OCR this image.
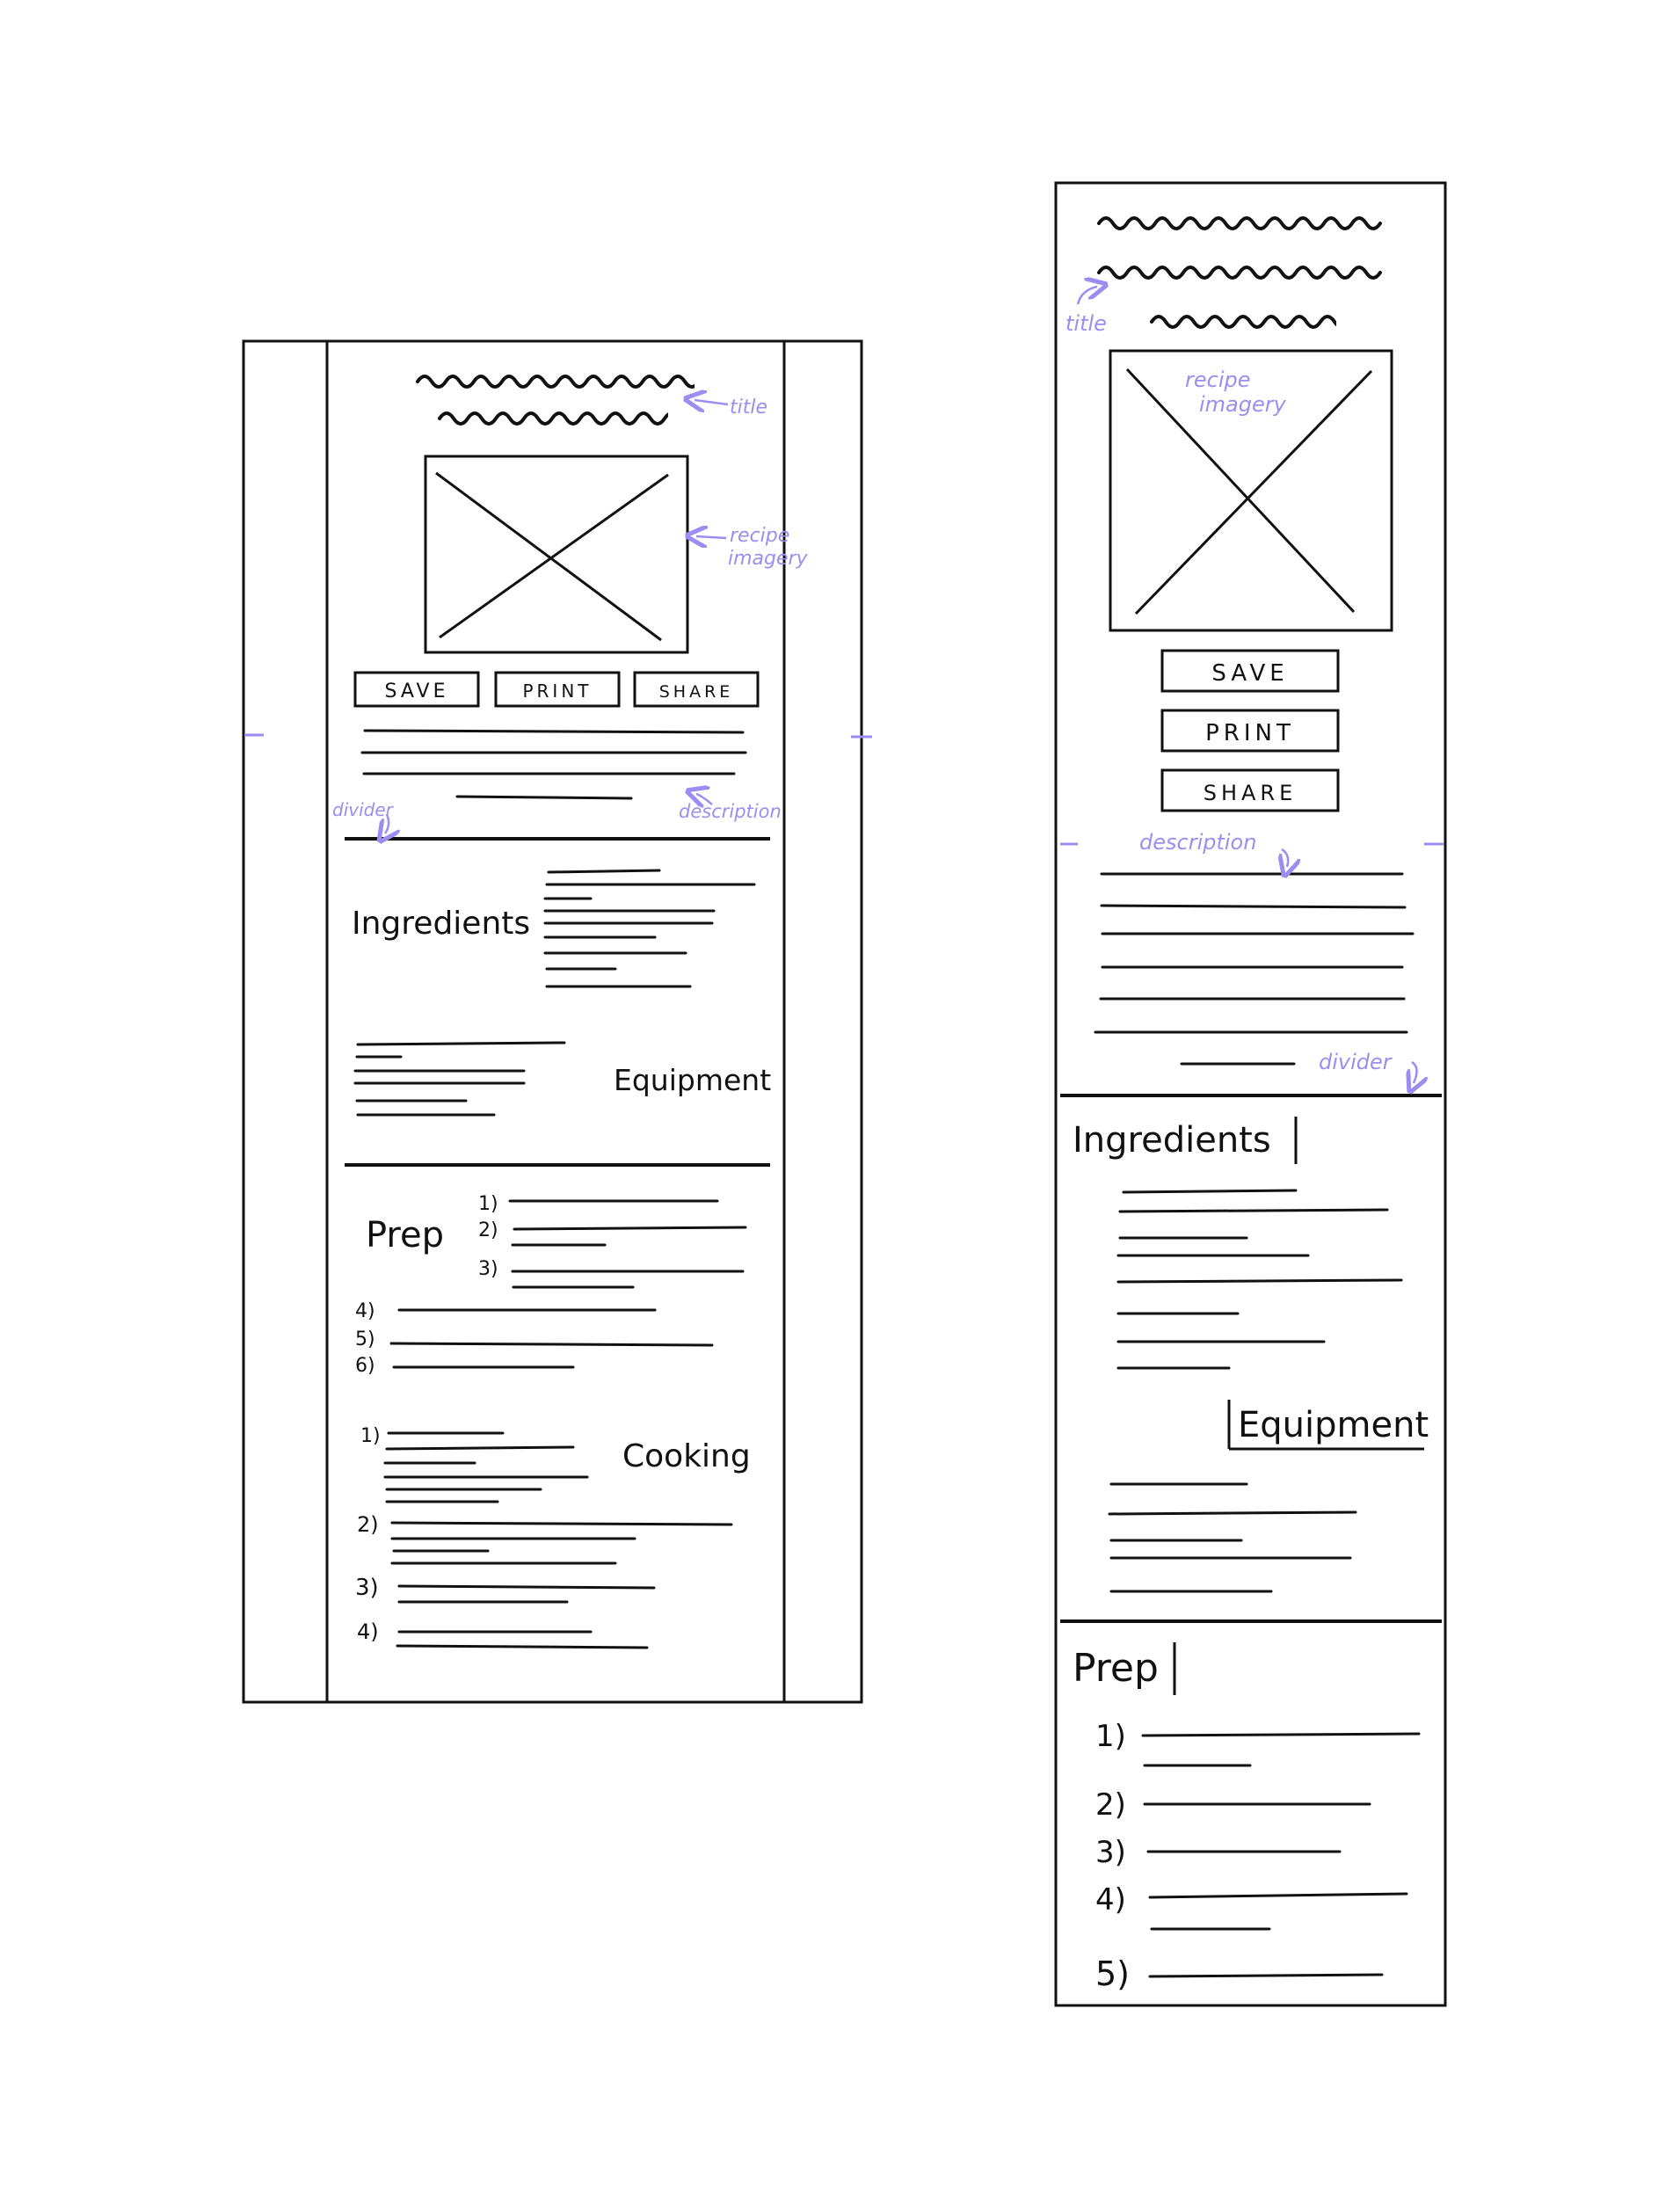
SAVE	PRINT	SHARE
Ingredients
Equipment
Prep
Cooking
1)
2)
3)
4)
5)
6)
1)
2)
3)
4)
title
recipe
imagery
divider	description
SAVE
PRINT
SHARE
Ingredients
Equipment
Prep
1)
2)
3)
4)
5)
title
recipe
imagery
description
divider
